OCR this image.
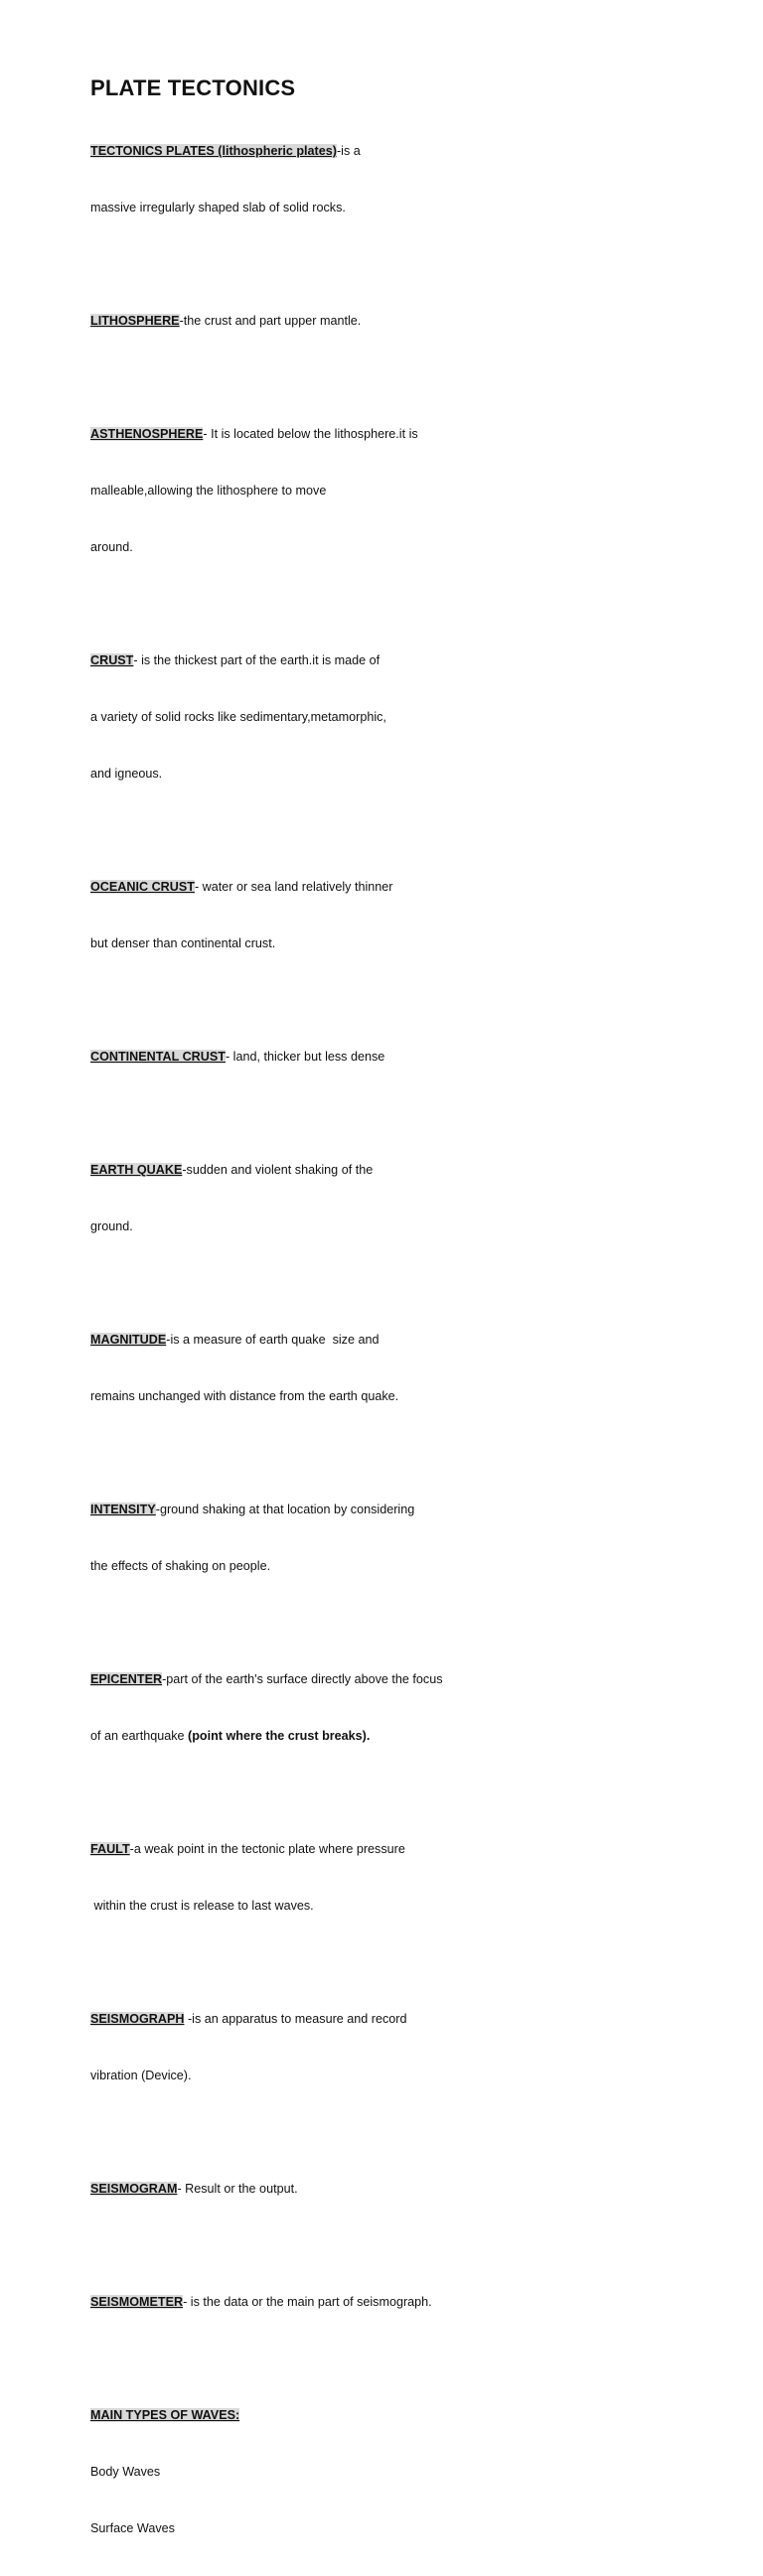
PLATE TECTONICS

TECTONICS PLATES (lithospheric plates)-is a

massive irregularly shaped slab of solid rocks.

LITHOSPHERE-the crust and part upper mantle.

ASTHENOSPHERE- It is located below the lithosphere.it is

malleable,allowing the lithosphere to move

around.

CRUST- is the thickest part of the earth.it is made of

a variety of solid rocks like sedimentary,metamorphic,

and igneous.

OCEANIC CRUST- water or sea land relatively thinner

but denser than continental crust.

CONTINENTAL CRUST- land, thicker but less dense

EARTH QUAKE-sudden and violent shaking of the

ground.

MAGNITUDE-is a measure of earth quake  size and

remains unchanged with distance from the earth quake.

INTENSITY-ground shaking at that location by considering

the effects of shaking on people.

EPICENTER-part of the earth's surface directly above the focus

of an earthquake (point where the crust breaks).

FAULT-a weak point in the tectonic plate where pressure

within the crust is release to last waves.

SEISMOGRAPH -is an apparatus to measure and record

vibration (Device).

SEISMOGRAM- Result or the output.

SEISMOMETER- is the data or the main part of seismograph.

MAIN TYPES OF WAVES:

Body Waves

Surface Waves
